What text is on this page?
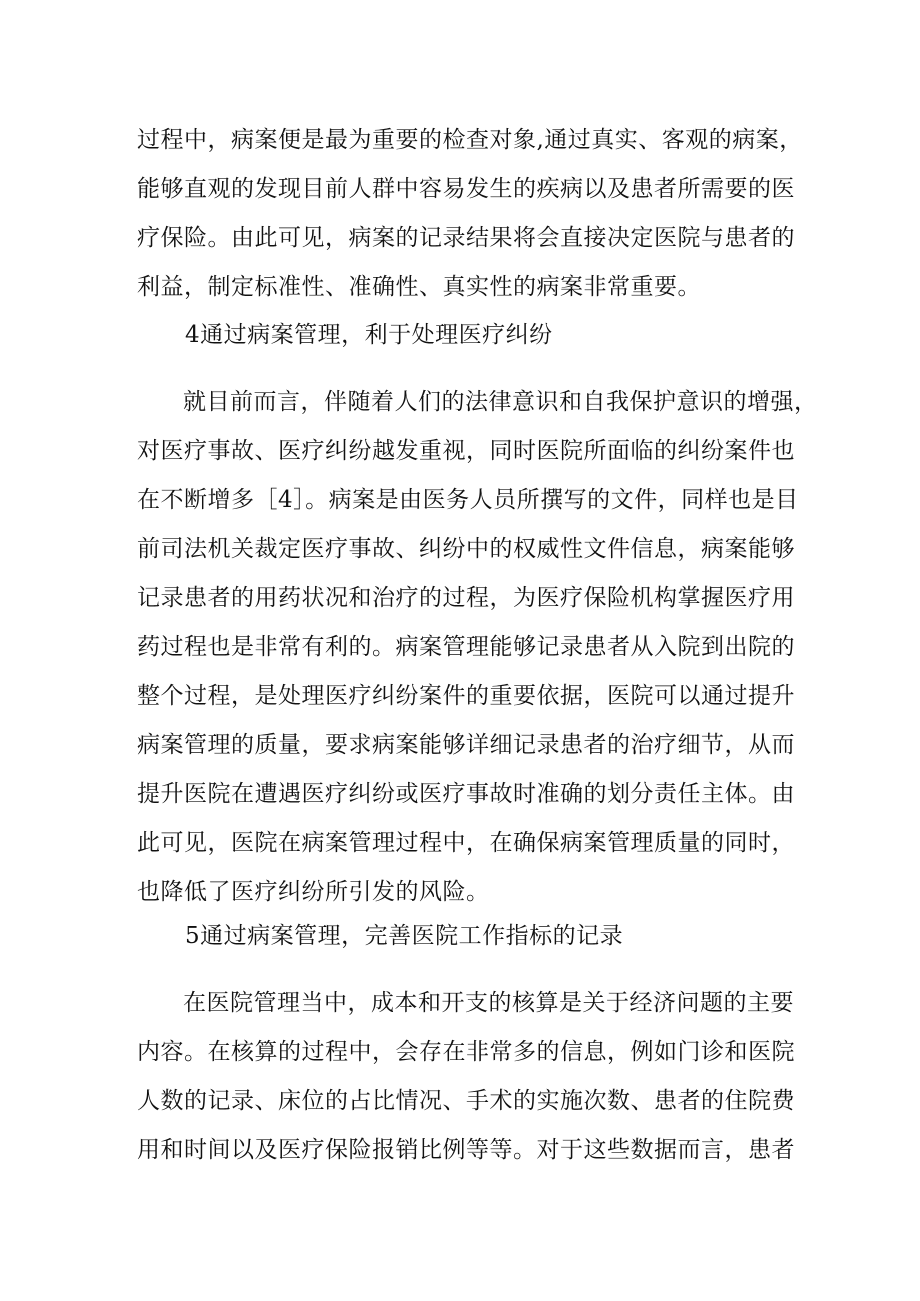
过程中，病案便是最为重要的检查对象,通过真实、客观的病案，
能够直观的发现目前人群中容易发生的疾病以及患者所需要的医
疗保险。由此可见，病案的记录结果将会直接决定医院与患者的
利益，制定标准性、准确性、真实性的病案非常重要。
4通过病案管理，利于处理医疗纠纷
就目前而言，伴随着人们的法律意识和自我保护意识的增强，
对医疗事故、医疗纠纷越发重视，同时医院所面临的纠纷案件也
在不断增多［4］。病案是由医务人员所撰写的文件，同样也是目
前司法机关裁定医疗事故、纠纷中的权威性文件信息，病案能够
记录患者的用药状况和治疗的过程，为医疗保险机构掌握医疗用
药过程也是非常有利的。病案管理能够记录患者从入院到出院的
整个过程，是处理医疗纠纷案件的重要依据，医院可以通过提升
病案管理的质量，要求病案能够详细记录患者的治疗细节，从而
提升医院在遭遇医疗纠纷或医疗事故时准确的划分责任主体。由
此可见，医院在病案管理过程中，在确保病案管理质量的同时，
也降低了医疗纠纷所引发的风险。
5通过病案管理，完善医院工作指标的记录
在医院管理当中，成本和开支的核算是关于经济问题的主要
内容。在核算的过程中，会存在非常多的信息，例如门诊和医院
人数的记录、床位的占比情况、手术的实施次数、患者的住院费
用和时间以及医疗保险报销比例等等。对于这些数据而言，患者
